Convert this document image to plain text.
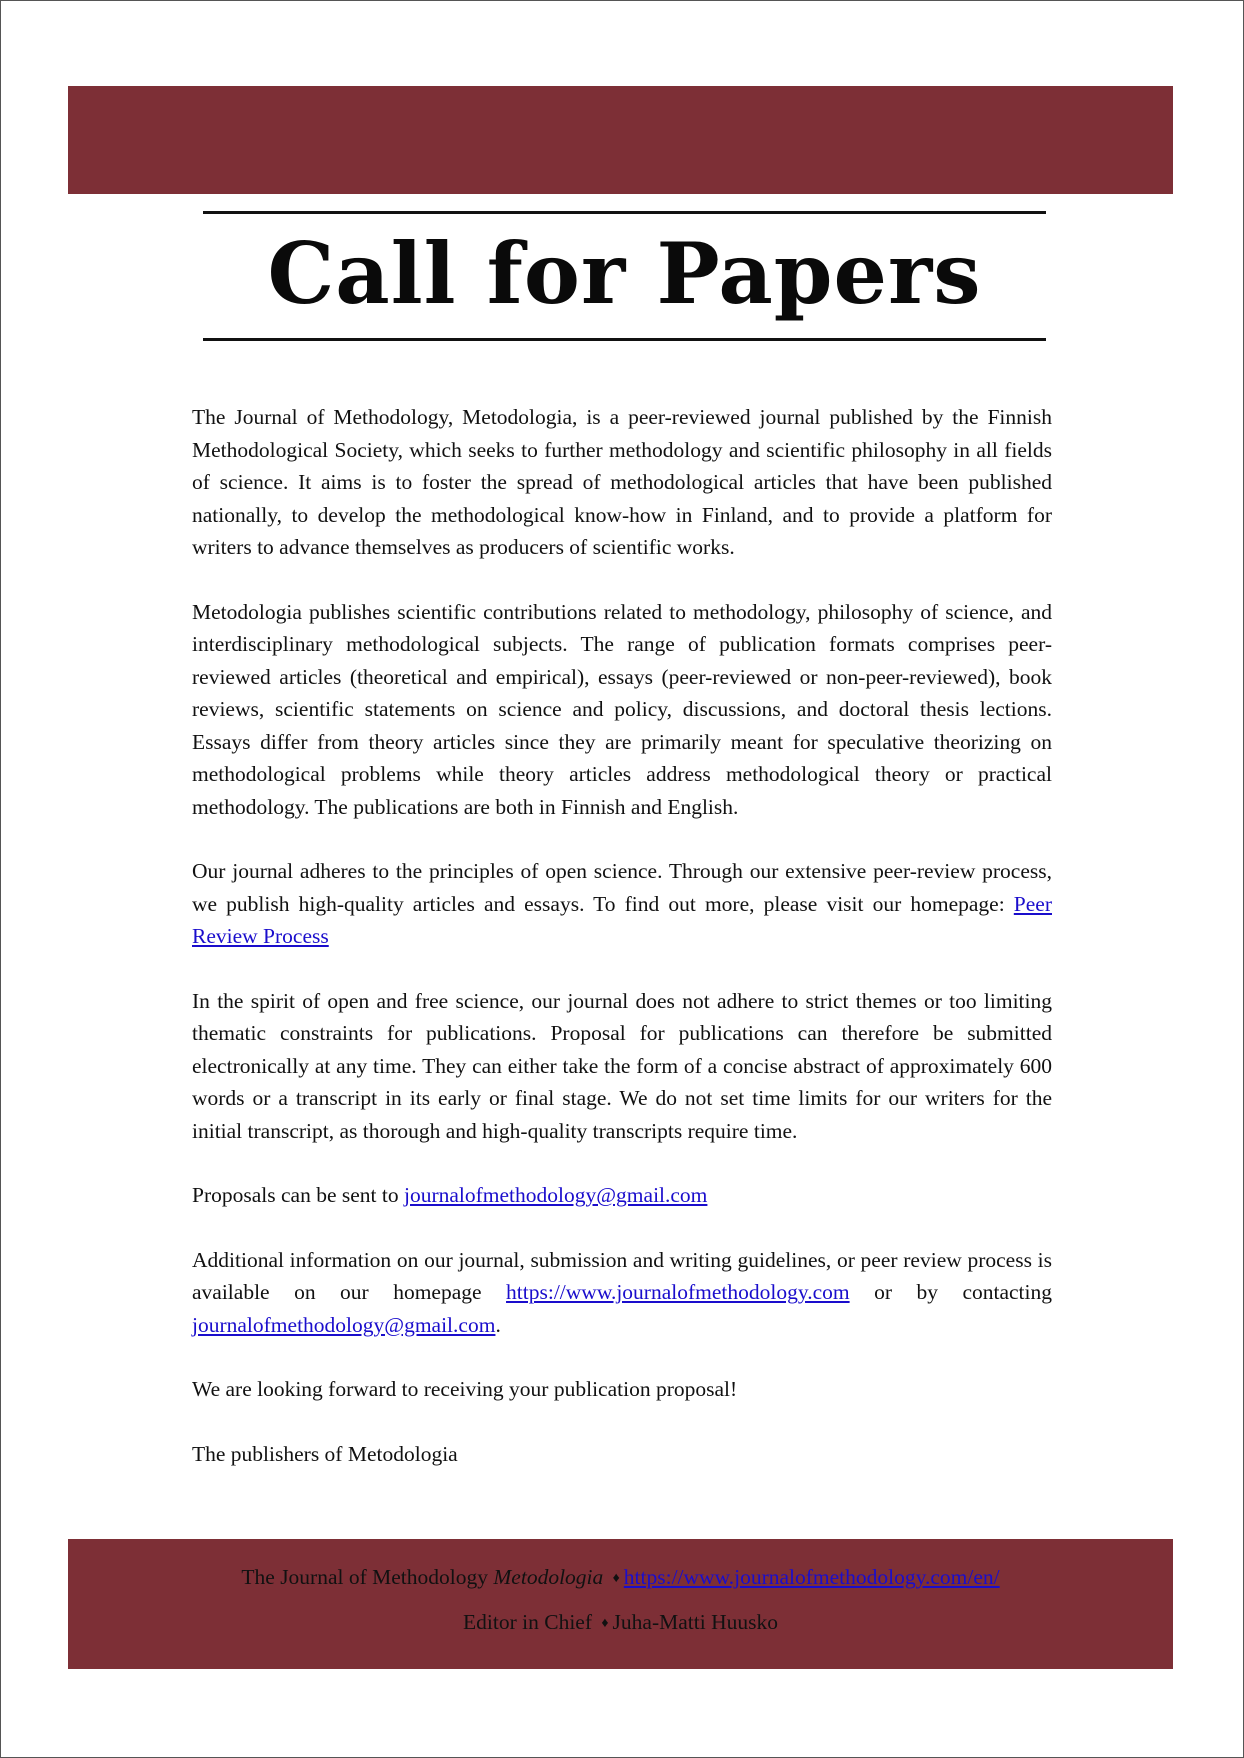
Call for Papers

The Journal of Methodology, Metodologia, is a peer-reviewed journal published by the Finnish Methodological Society, which seeks to further methodology and scientific philosophy in all fields of science. It aims is to foster the spread of methodological articles that have been published nationally, to develop the methodological know-how in Finland, and to provide a platform for writers to advance themselves as producers of scientific works.

Metodologia publishes scientific contributions related to methodology, philosophy of science, and interdisciplinary methodological subjects. The range of publication formats comprises peer-reviewed articles (theoretical and empirical), essays (peer-reviewed or non-peer-reviewed), book reviews, scientific statements on science and policy, discussions, and doctoral thesis lections. Essays differ from theory articles since they are primarily meant for speculative theorizing on methodological problems while theory articles address methodological theory or practical methodology. The publications are both in Finnish and English.

Our journal adheres to the principles of open science. Through our extensive peer-review process, we publish high-quality articles and essays. To find out more, please visit our homepage: Peer Review Process

In the spirit of open and free science, our journal does not adhere to strict themes or too limiting thematic constraints for publications. Proposal for publications can therefore be submitted electronically at any time. They can either take the form of a concise abstract of approximately 600 words or a transcript in its early or final stage. We do not set time limits for our writers for the initial transcript, as thorough and high-quality transcripts require time.

Proposals can be sent to journalofmethodology@gmail.com

Additional information on our journal, submission and writing guidelines, or peer review process is available on our homepage https://www.journalofmethodology.com or by contacting journalofmethodology@gmail.com.

We are looking forward to receiving your publication proposal!

The publishers of Metodologia

The Journal of Methodology Metodologia ♦ https://www.journalofmethodology.com/en/
Editor in Chief ♦ Juha-Matti Huusko
